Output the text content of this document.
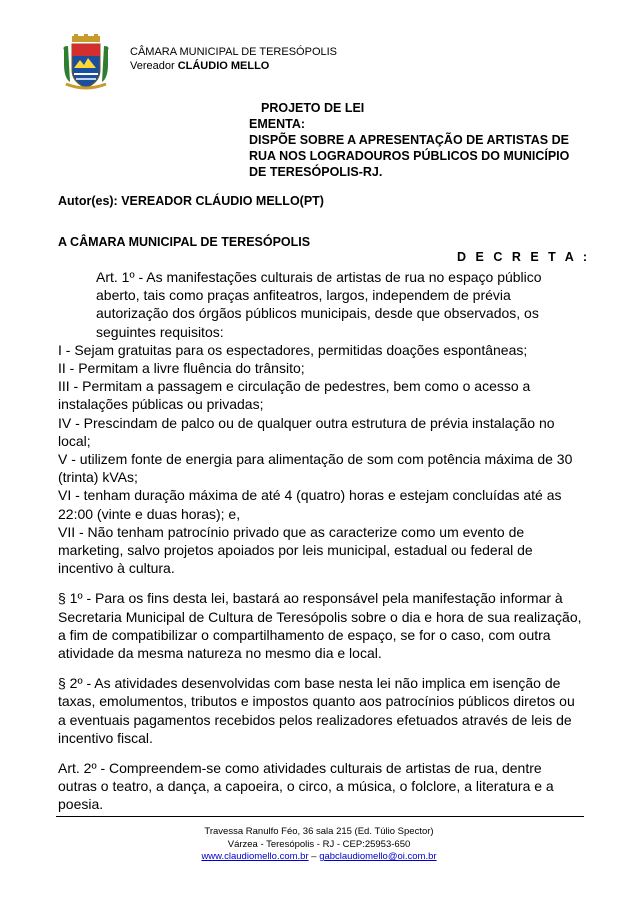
CÂMARA MUNICIPAL DE TERESÓPOLIS
Vereador CLÁUDIO MELLO
PROJETO DE LEI
EMENTA:
DISPÕE SOBRE A APRESENTAÇÃO DE ARTISTAS DE
RUA NOS LOGRADOUROS PÚBLICOS DO MUNICÍPIO
DE TERESÓPOLIS-RJ.
Autor(es): VEREADOR CLÁUDIO MELLO(PT)
A CÂMARA MUNICIPAL DE TERESÓPOLIS
D E C R E T A :

Art. 1º - As manifestações culturais de artistas de rua no espaço público aberto, tais como praças anfiteatros, largos, independem de prévia autorização dos órgãos públicos municipais, desde que observados, os seguintes requisitos:

I - Sejam gratuitas para os espectadores, permitidas doações espontâneas;

II - Permitam a livre fluência do trânsito;

III - Permitam a passagem e circulação de pedestres, bem como o acesso a instalações públicas ou privadas;

IV - Prescindam de palco ou de qualquer outra estrutura de prévia instalação no local;

V - utilizem fonte de energia para alimentação de som com potência máxima de 30 (trinta) kVAs;

VI - tenham duração máxima de até 4 (quatro) horas e estejam concluídas até as 22:00 (vinte e duas horas); e,

VII - Não tenham patrocínio privado que as caracterize como um evento de marketing, salvo projetos apoiados por leis municipal, estadual ou federal de incentivo à cultura.

§ 1º - Para os fins desta lei, bastará ao responsável pela manifestação informar à Secretaria Municipal de Cultura de Teresópolis sobre o dia e hora de sua realização, a fim de compatibilizar o compartilhamento de espaço, se for o caso, com outra atividade da mesma natureza no mesmo dia e local.

§ 2º - As atividades desenvolvidas com base nesta lei não implica em isenção de taxas, emolumentos, tributos e impostos quanto aos patrocínios públicos diretos ou a eventuais pagamentos recebidos pelos realizadores efetuados através de leis de incentivo fiscal.

Art. 2º - Compreendem-se como atividades culturais de artistas de rua, dentre outras o teatro, a dança, a capoeira, o circo, a música, o folclore, a literatura e a poesia.

Travessa Ranulfo Féo, 36 sala 215 (Ed. Túlio Spector)
Várzea - Teresópolis - RJ - CEP:25953-650
www.claudiomello.com.br – gabclaudiomello@oi.com.br
